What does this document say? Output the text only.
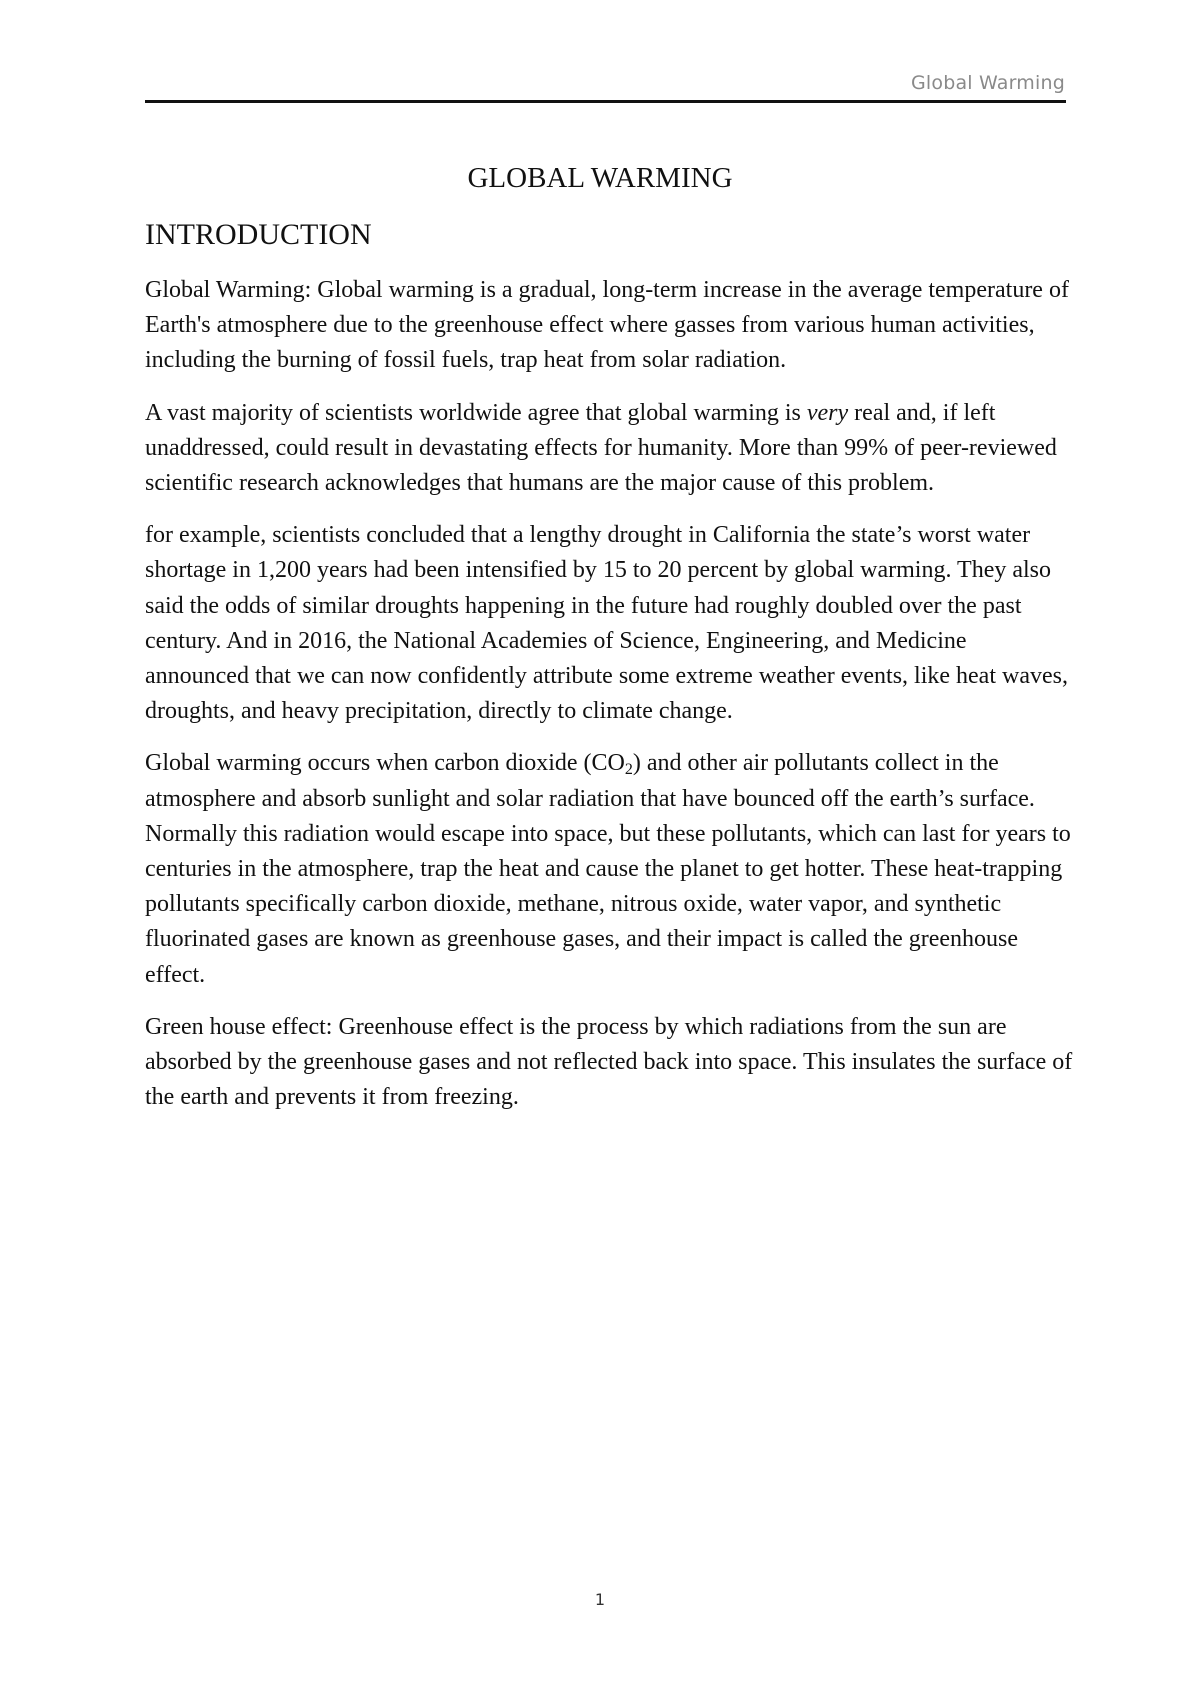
Global Warming
GLOBAL WARMING
INTRODUCTION

Global Warming: Global warming is a gradual, long-term increase in the average temperature of Earth's atmosphere due to the greenhouse effect where gasses from various human activities, including the burning of fossil fuels, trap heat from solar radiation.

A vast majority of scientists worldwide agree that global warming is very real and, if left unaddressed, could result in devastating effects for humanity. More than 99% of peer-reviewed scientific research acknowledges that humans are the major cause of this problem.

for example, scientists concluded that a lengthy drought in California the state’s worst water shortage in 1,200 years had been intensified by 15 to 20 percent by global warming. They also said the odds of similar droughts happening in the future had roughly doubled over the past century. And in 2016, the National Academies of Science, Engineering, and Medicine announced that we can now confidently attribute some extreme weather events, like heat waves, droughts, and heavy precipitation, directly to climate change.

Global warming occurs when carbon dioxide $(CO_2)$ and other air pollutants collect in the atmosphere and absorb sunlight and solar radiation that have bounced off the earth’s surface. Normally this radiation would escape into space, but these pollutants, which can last for years to centuries in the atmosphere, trap the heat and cause the planet to get hotter. These heat-trapping pollutants specifically carbon dioxide, methane, nitrous oxide, water vapor, and synthetic fluorinated gases are known as greenhouse gases, and their impact is called the greenhouse effect.

Green house effect: Greenhouse effect is the process by which radiations from the sun are absorbed by the greenhouse gases and not reflected back into space. This insulates the surface of the earth and prevents it from freezing.

1
